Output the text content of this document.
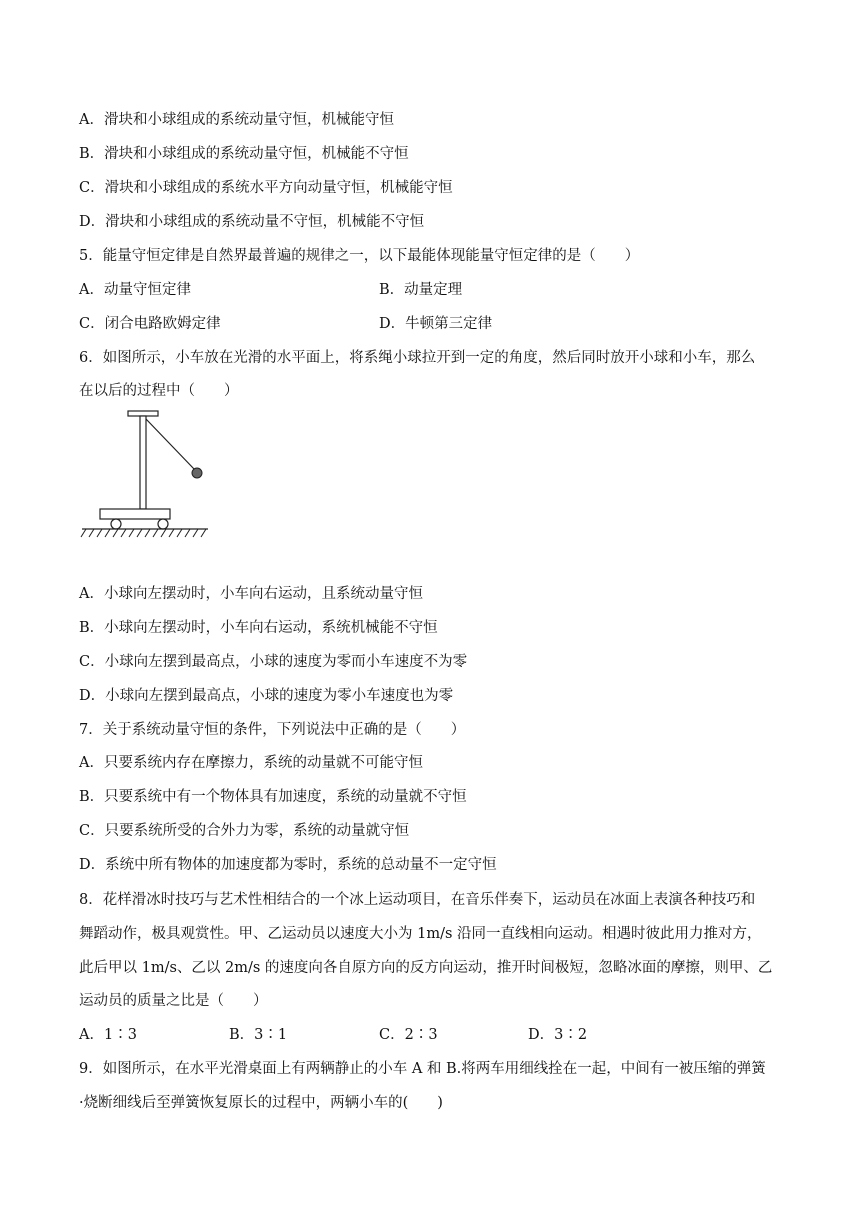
A．滑块和小球组成的系统动量守恒，机械能守恒
B．滑块和小球组成的系统动量守恒，机械能不守恒
C．滑块和小球组成的系统水平方向动量守恒，机械能守恒
D．滑块和小球组成的系统动量不守恒，机械能不守恒
5．能量守恒定律是自然界最普遍的规律之一，以下最能体现能量守恒定律的是（　　）
A．动量守恒定律	B．动量定理
C．闭合电路欧姆定律	D．牛顿第三定律
6．如图所示，小车放在光滑的水平面上，将系绳小球拉开到一定的角度，然后同时放开小球和小车，那么
在以后的过程中（　　）
A．小球向左摆动时，小车向右运动，且系统动量守恒
B．小球向左摆动时，小车向右运动，系统机械能不守恒
C．小球向左摆到最高点，小球的速度为零而小车速度不为零
D．小球向左摆到最高点，小球的速度为零小车速度也为零
7．关于系统动量守恒的条件，下列说法中正确的是（　　）
A．只要系统内存在摩擦力，系统的动量就不可能守恒
B．只要系统中有一个物体具有加速度，系统的动量就不守恒
C．只要系统所受的合外力为零，系统的动量就守恒
D．系统中所有物体的加速度都为零时，系统的总动量不一定守恒
8．花样滑冰时技巧与艺术性相结合的一个冰上运动项目，在音乐伴奏下，运动员在冰面上表演各种技巧和
舞蹈动作，极具观赏性。甲、乙运动员以速度大小为 1m/s 沿同一直线相向运动。相遇时彼此用力推对方，
此后甲以 1m/s、乙以 2m/s 的速度向各自原方向的反方向运动，推开时间极短，忽略冰面的摩擦，则甲、乙
运动员的质量之比是（　　）
A．1∶3	B．3∶1	C．2∶3	D．3∶2
9．如图所示，在水平光滑桌面上有两辆静止的小车 A 和 B.将两车用细线拴在一起，中间有一被压缩的弹簧
·烧断细线后至弹簧恢复原长的过程中，两辆小车的(　　)
